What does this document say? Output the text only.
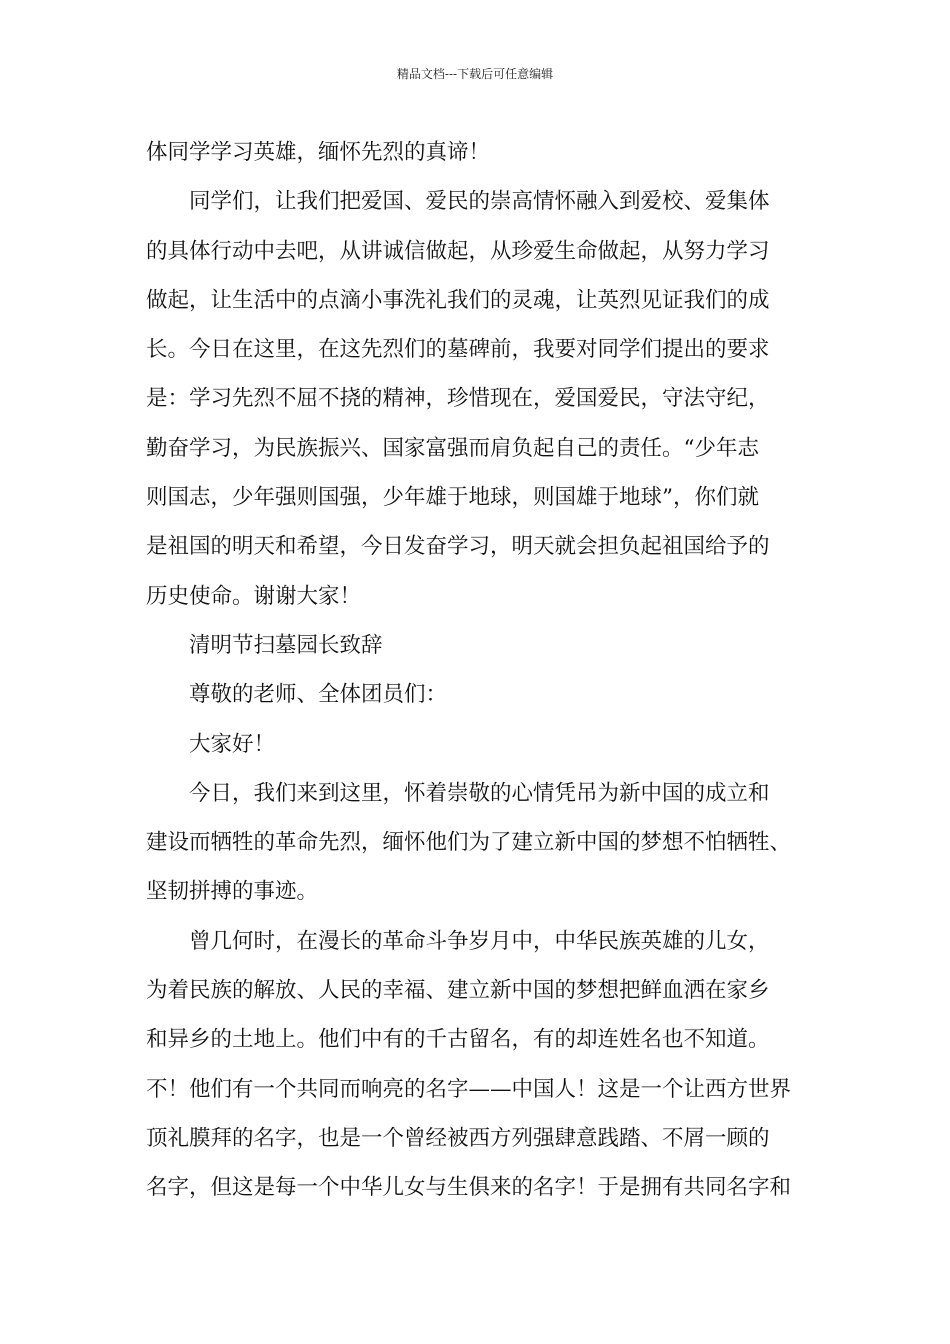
精品文档---下载后可任意编辑
体同学学习英雄，缅怀先烈的真谛！
同学们，让我们把爱国、爱民的崇高情怀融入到爱校、爱集体
的具体行动中去吧，从讲诚信做起，从珍爱生命做起，从努力学习
做起，让生活中的点滴小事洗礼我们的灵魂，让英烈见证我们的成
长。今日在这里，在这先烈们的墓碑前，我要对同学们提出的要求
是：学习先烈不屈不挠的精神，珍惜现在，爱国爱民，守法守纪，
勤奋学习，为民族振兴、国家富强而肩负起自己的责任。“少年志
则国志，少年强则国强，少年雄于地球，则国雄于地球”，你们就
是祖国的明天和希望，今日发奋学习，明天就会担负起祖国给予的
历史使命。谢谢大家！
清明节扫墓园长致辞
尊敬的老师、全体团员们：
大家好！
今日，我们来到这里，怀着崇敬的心情凭吊为新中国的成立和
建设而牺牲的革命先烈，缅怀他们为了建立新中国的梦想不怕牺牲、
坚韧拼搏的事迹。
曾几何时，在漫长的革命斗争岁月中，中华民族英雄的儿女，
为着民族的解放、人民的幸福、建立新中国的梦想把鲜血洒在家乡
和异乡的土地上。他们中有的千古留名，有的却连姓名也不知道。
不！他们有一个共同而响亮的名字——中国人！这是一个让西方世界
顶礼膜拜的名字，也是一个曾经被西方列强肆意践踏、不屑一顾的
名字，但这是每一个中华儿女与生俱来的名字！于是拥有共同名字和
